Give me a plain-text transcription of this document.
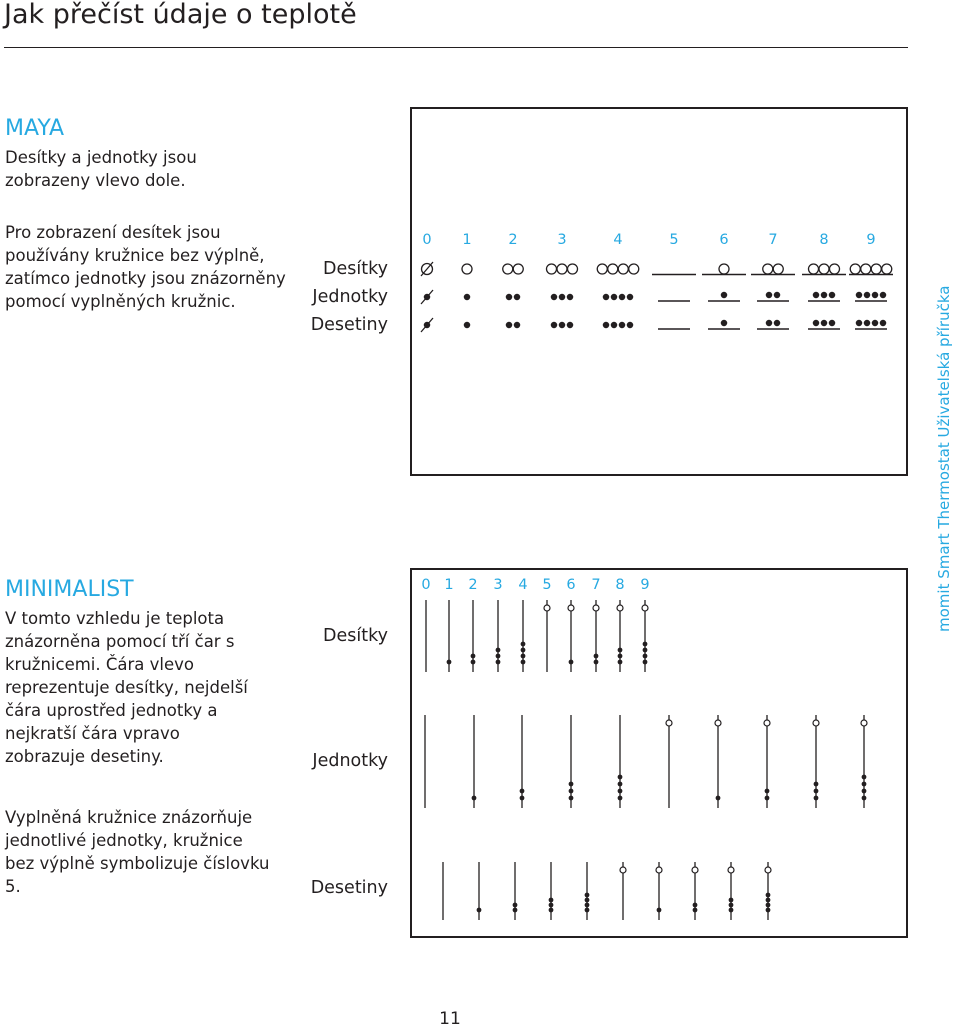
Jak přečíst údaje o teplotě
MAYA
Desítky a jednotky jsou zobrazeny vlevo dole.
Pro zobrazení desítek jsou používány kružnice bez výplně, zatímco jednotky jsou znázorněny pomocí vyplněných kružnic.
Desítky
Jednotky
Desetiny
0	1	2	3	4	5	6	7	8	9
MINIMALIST
V tomto vzhledu je teplota znázorněna pomocí tří čar s kružnicemi. Čára vlevo reprezentuje desítky, nejdelší čára uprostřed jednotky a nejkratší čára vpravo zobrazuje desetiny.
Vyplněná kružnice znázorňuje jednotlivé jednotky, kružnice bez výplně symbolizuje číslovku 5.
Desítky
Jednotky
Desetiny
0 1	2	3	4	5	6	7	8	9	momit Smart Thermostat Uživatelská příručka
11
